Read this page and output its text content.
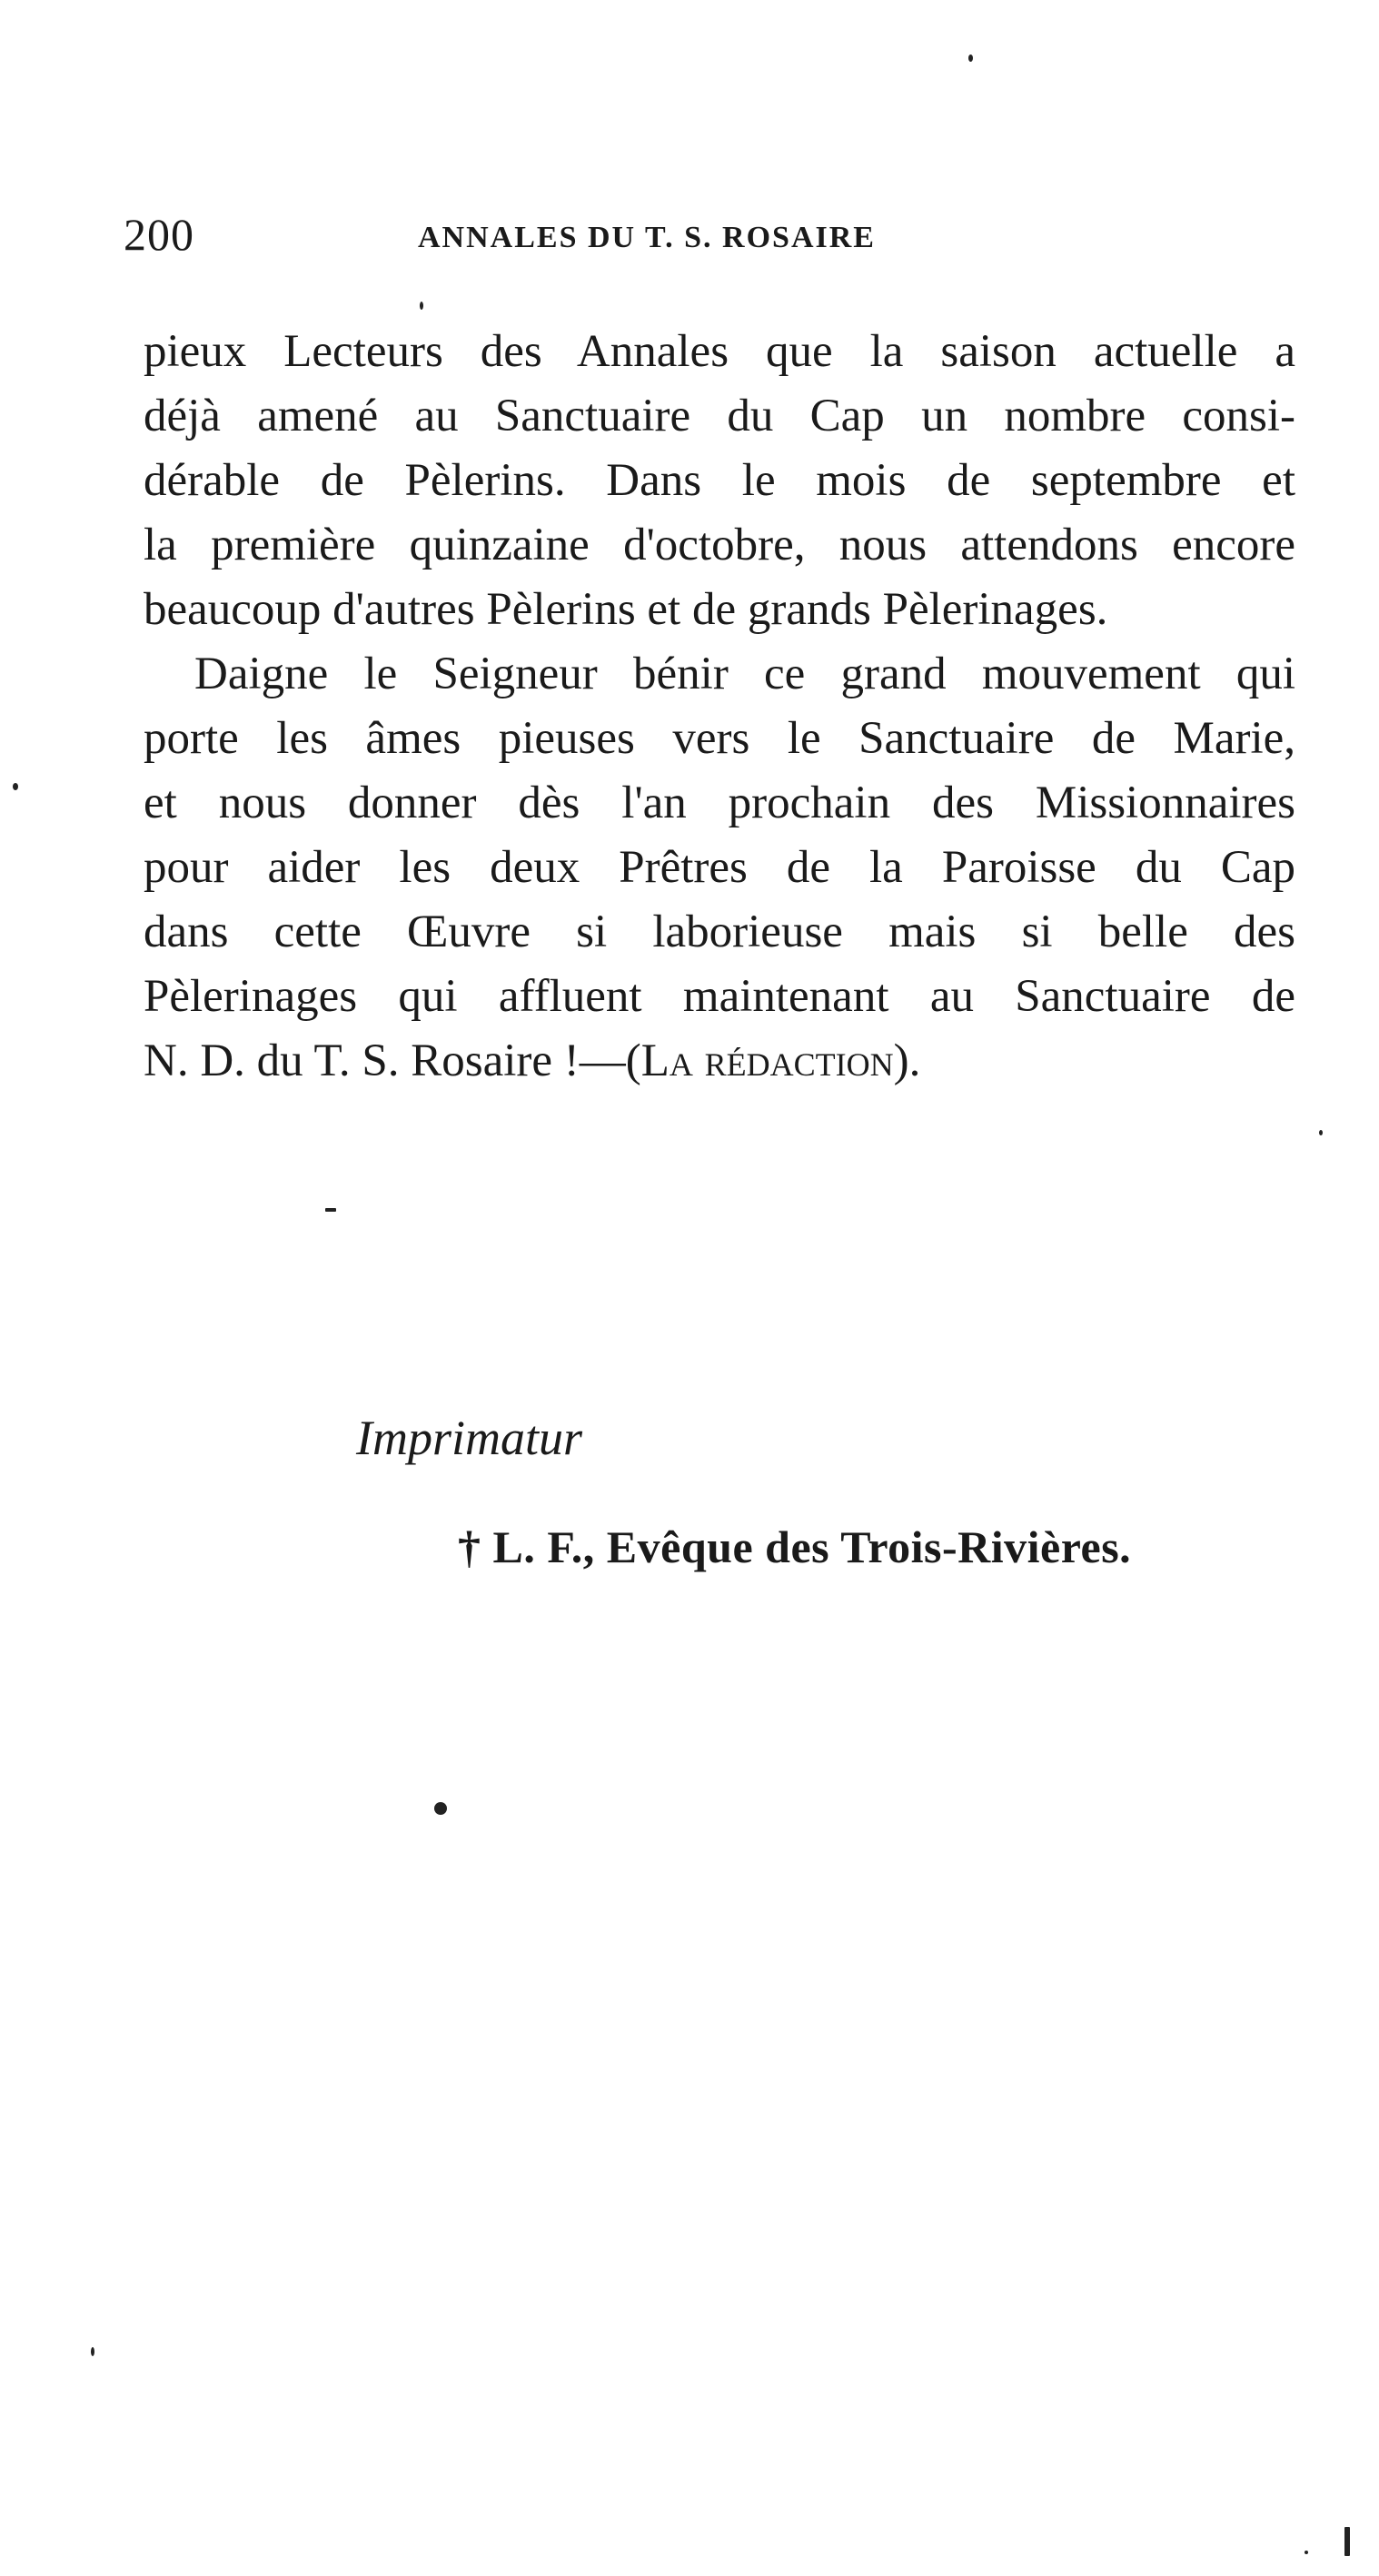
200	ANNALES DU T. S. ROSAIRE
pieux Lecteurs des Annales que la saison actuelle a
déjà amené au Sanctuaire du Cap un nombre consi-
dérable de Pèlerins. Dans le mois de septembre et
la première quinzaine d'octobre, nous attendons encore
beaucoup d'autres Pèlerins et de grands Pèlerinages.
Daigne le Seigneur bénir ce grand mouvement qui
porte les âmes pieuses vers le Sanctuaire de Marie,
et nous donner dès l'an prochain des Missionnaires
pour aider les deux Prêtres de la Paroisse du Cap
dans cette Œuvre si laborieuse mais si belle des
Pèlerinages qui affluent maintenant au Sanctuaire de
N. D. du T. S. Rosaire !—(La rédaction).
Imprimatur
† L. F., Evêque des Trois-Rivières.
